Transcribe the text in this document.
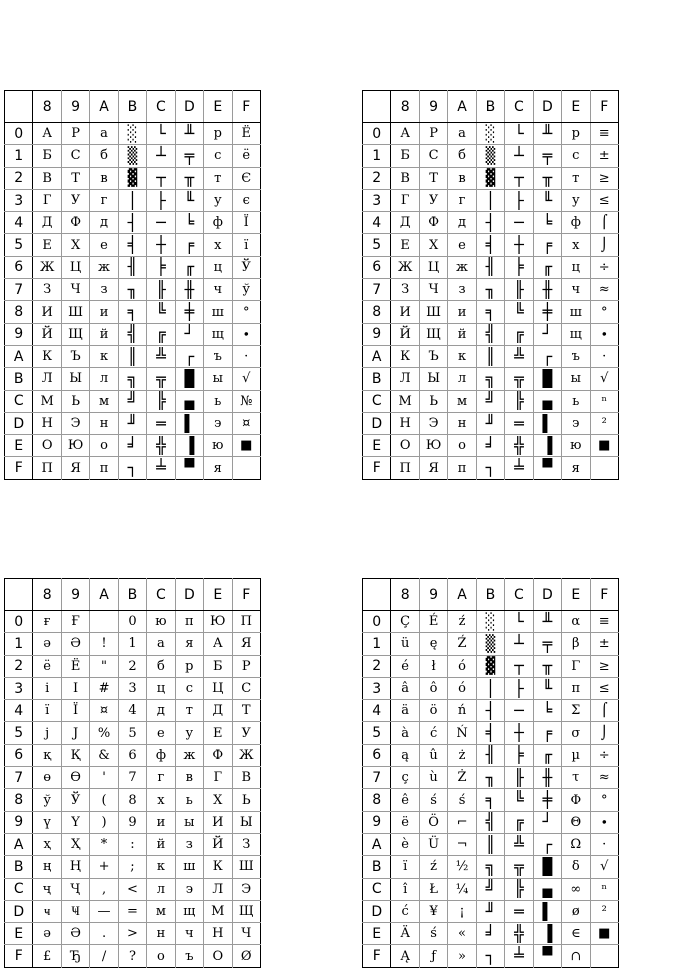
	8	9	A	B	C	D	E	F
0	А	Р	а	░	└	╨	р	Ё
1	Б	С	б	▒	┴	╤	с	ё
2	В	Т	в	▓	┬	╥	т	Є
3	Г	У	г	│	├	╙	у	є
4	Д	Ф	д	┤	─	╘	ф	Ї
5	Е	Х	е	╡	┼	╒	х	ї
6	Ж	Ц	ж	╢	╞	╓	ц	Ў
7	З	Ч	з	╖	╟	╫	ч	ў
8	И	Ш	и	╕	╚	╪	ш	°
9	Й	Щ	й	╣	╔	┘	щ	∙
A	К	Ъ	к	║	╩	┌	ъ	·
B	Л	Ы	л	╗	╦	█	ы	√
C	М	Ь	м	╝	╠	▄	ь	№
D	Н	Э	н	╜	═	▌	э	¤
E	О	Ю	о	╛	╬	▐	ю	■
F	П	Я	п	┐	╧	▀	я	
	8	9	A	B	C	D	E	F
0	А	Р	а	░	└	╨	р	≡
1	Б	С	б	▒	┴	╤	с	±
2	В	Т	в	▓	┬	╥	т	≥
3	Г	У	г	│	├	╙	у	≤
4	Д	Ф	д	┤	─	╘	ф	⌠
5	Е	Х	е	╡	┼	╒	х	⌡
6	Ж	Ц	ж	╢	╞	╓	ц	÷
7	З	Ч	з	╖	╟	╫	ч	≈
8	И	Ш	и	╕	╚	╪	ш	°
9	Й	Щ	й	╣	╔	┘	щ	∙
A	К	Ъ	к	║	╩	┌	ъ	·
B	Л	Ы	л	╗	╦	█	ы	√
C	М	Ь	м	╝	╠	▄	ь	ⁿ
D	Н	Э	н	╜	═	▌	э	²
E	О	Ю	о	╛	╬	▐	ю	■
F	П	Я	п	┐	╧	▀	я	
	8	9	A	B	C	D	E	F
0	ғ	Ғ		0	ю	п	Ю	П
1	ә	Ә	!	1	а	я	А	Я
2	ё	Ё	"	2	б	р	Б	Р
3	і	І	#	3	ц	с	Ц	С
4	ї	Ї	¤	4	д	т	Д	Т
5	ј	Ј	%	5	е	у	Е	У
6	қ	Қ	&	6	ф	ж	Ф	Ж
7	ө	Ө	'	7	г	в	Г	В
8	ў	Ў	(	8	х	ь	Х	Ь
9	ү	Ү	)	9	и	ы	И	Ы
A	ҳ	Ҳ	*	:	й	з	Й	З
B	ң	Ң	+	;	к	ш	К	Ш
C	ҷ	Ҷ	,	<	л	э	Л	Э
D	ҹ	Ҹ	—	=	м	щ	М	Щ
E	ә	Ә	.	>	н	ч	Н	Ч
F	£	Ђ	/	?	о	ъ	О	Ø
	8	9	A	B	C	D	E	F
0	Ç	É	ź	░	└	╨	α	≡
1	ü	ę	Ź	▒	┴	╤	β	±
2	é	ł	ó	▓	┬	╥	Γ	≥
3	â	ô	ó	│	├	╙	π	≤
4	ä	ö	ń	┤	─	╘	Σ	⌠
5	à	ć	Ń	╡	┼	╒	σ	⌡
6	ą	û	ż	╢	╞	╓	µ	÷
7	ç	ù	Ż	╖	╟	╫	τ	≈
8	ê	ś	ś	╕	╚	╪	Φ	°
9	ë	Ö	⌐	╣	╔	┘	Θ	∙
A	è	Ü	¬	║	╩	┌	Ω	·
B	ï	ź	½	╗	╦	█	δ	√
C	î	Ł	¼	╝	╠	▄	∞	ⁿ
D	ć	¥	¡	╜	═	▌	ø	²
E	Ä	ś	«	╛	╬	▐	∈	■
F	Ą	ƒ	»	┐	╧	▀	∩	
